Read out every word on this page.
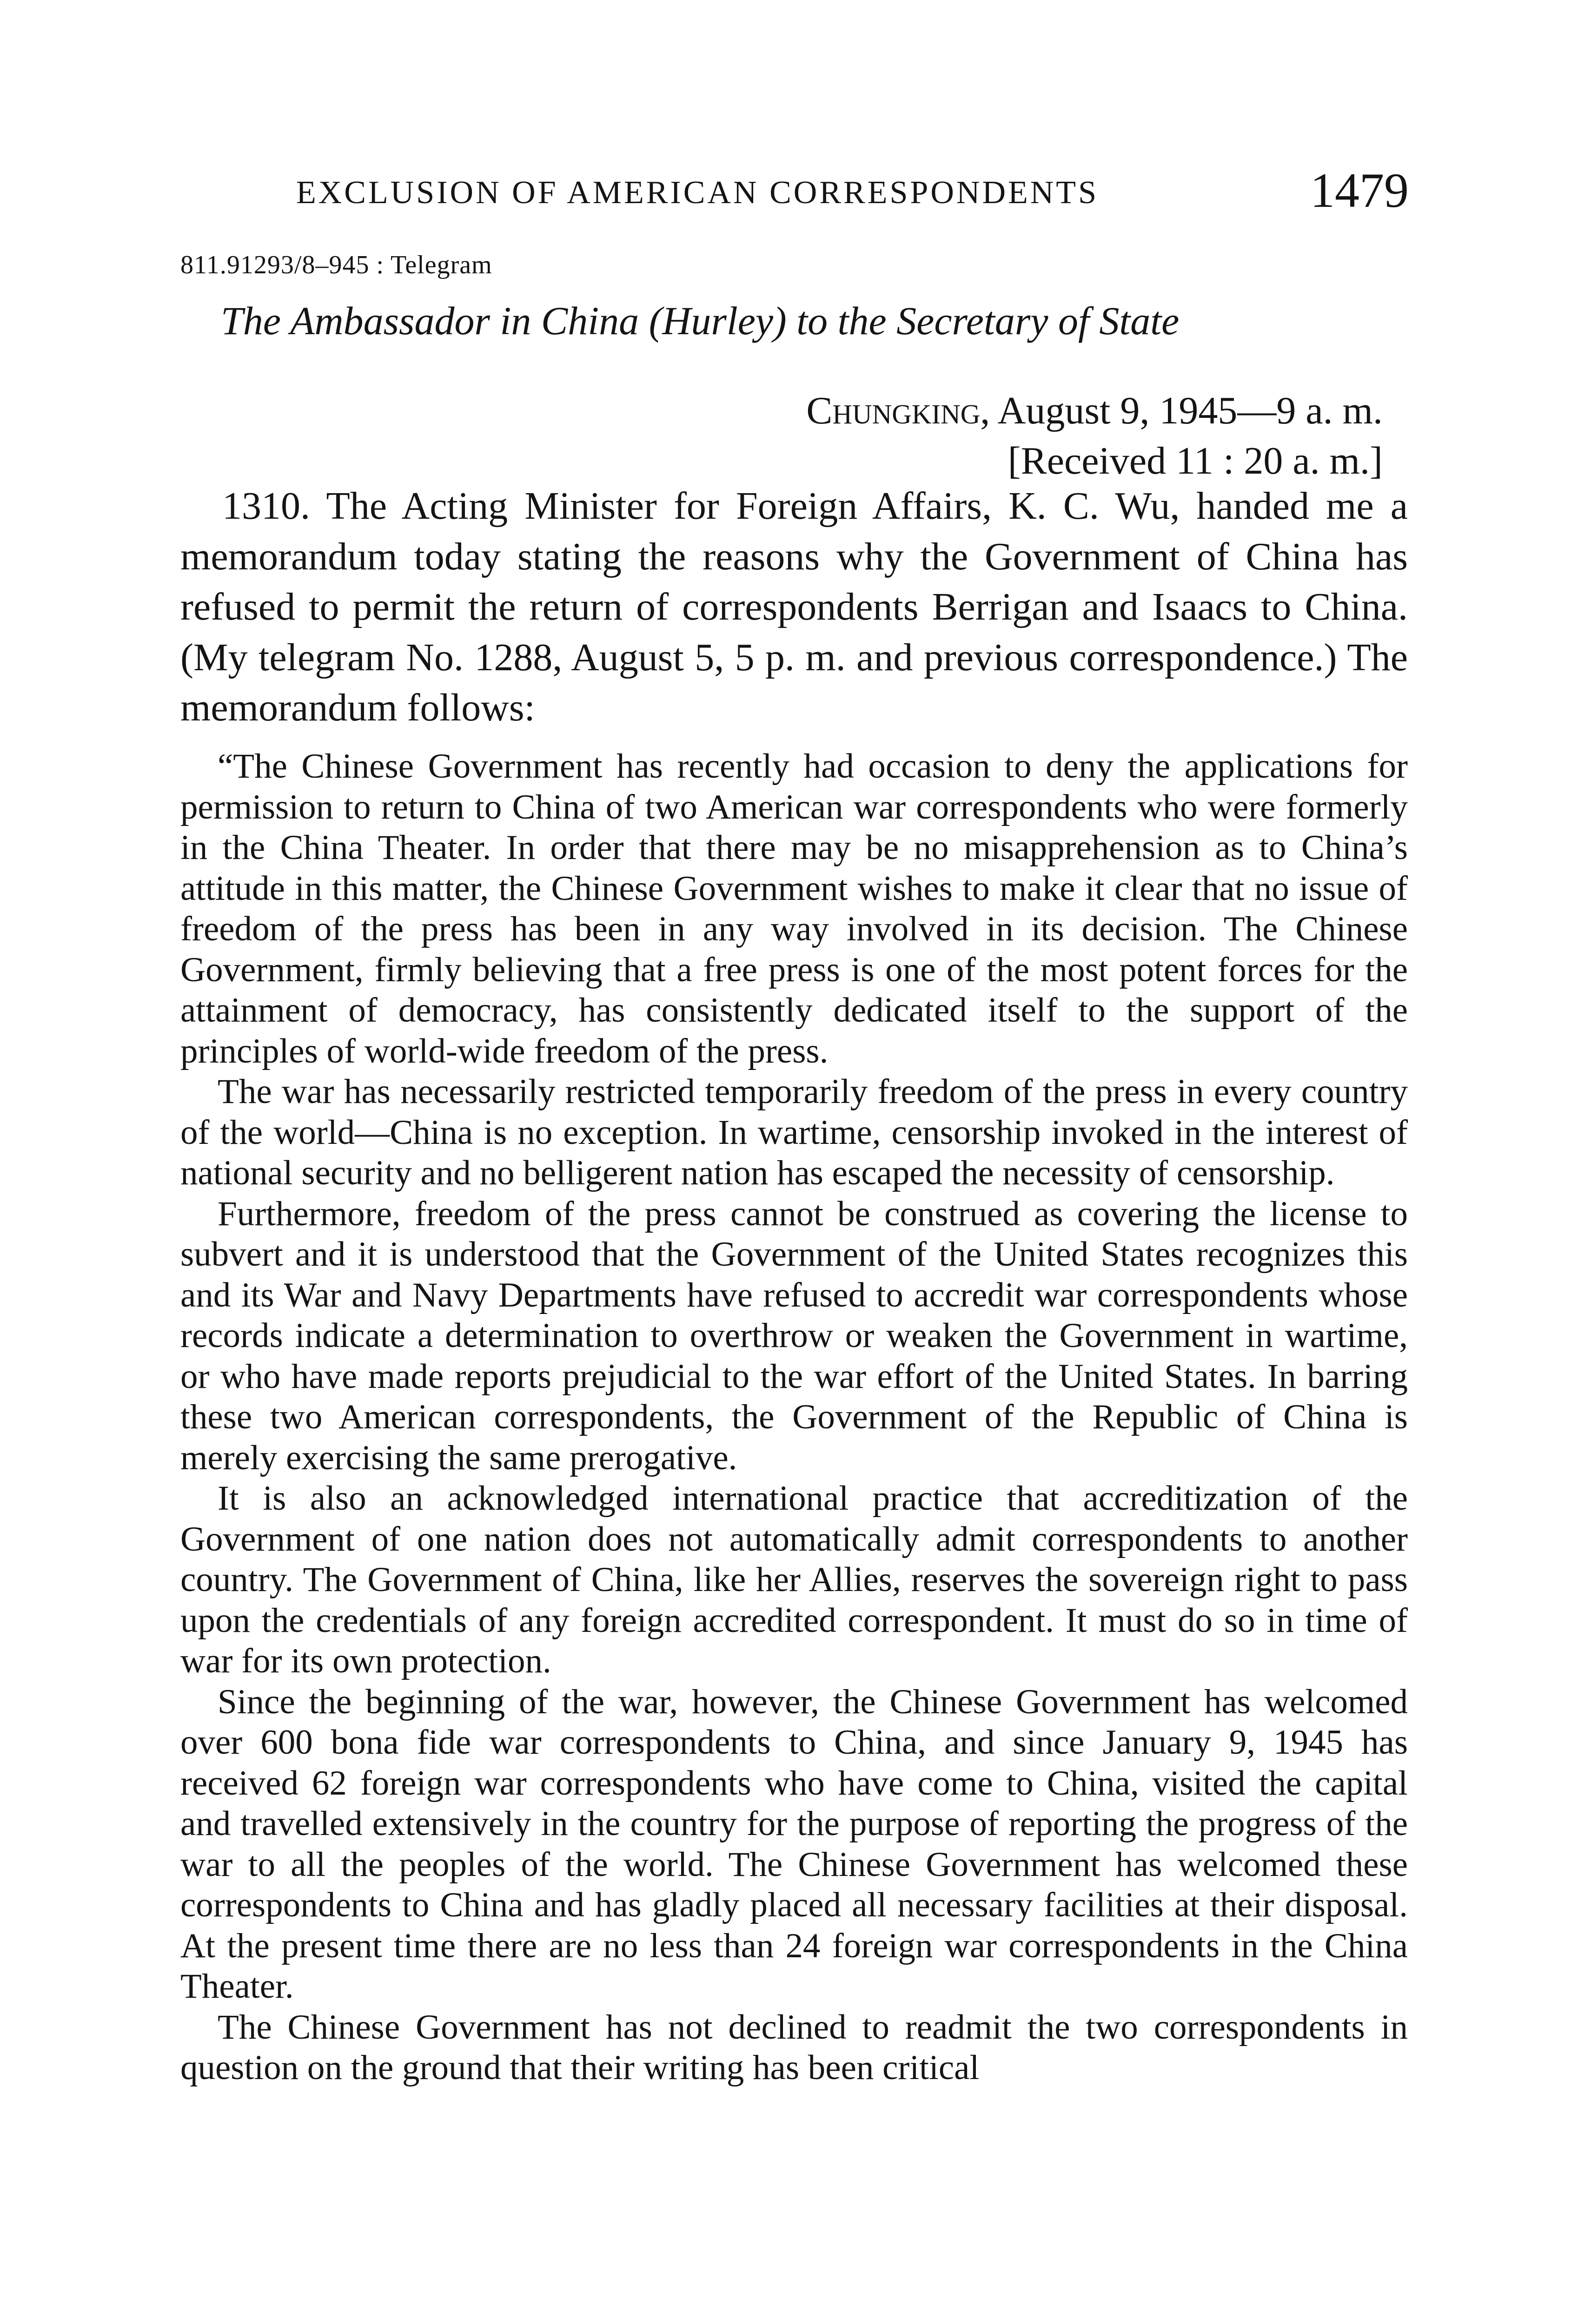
EXCLUSION OF AMERICAN CORRESPONDENTS	1479
811.91293/8–945 : Telegram
The Ambassador in China (Hurley) to the Secretary of State
Chungking, August 9, 1945—9 a. m.
[Received 11 : 20 a. m.]

1310. The Acting Minister for Foreign Affairs, K. C. Wu, handed me a memorandum today stating the reasons why the Government of China has refused to permit the return of correspondents Berrigan and Isaacs to China. (My telegram No. 1288, August 5, 5 p. m. and previous correspondence.) The memorandum follows:

“The Chinese Government has recently had occasion to deny the applications for permission to return to China of two American war correspondents who were formerly in the China Theater. In order that there may be no misapprehension as to China’s attitude in this matter, the Chinese Government wishes to make it clear that no issue of freedom of the press has been in any way involved in its decision. The Chinese Government, firmly believing that a free press is one of the most potent forces for the attainment of democracy, has consistently dedicated itself to the support of the principles of world-wide freedom of the press.

The war has necessarily restricted temporarily freedom of the press in every country of the world—China is no exception. In wartime, censorship invoked in the interest of national security and no belligerent nation has escaped the necessity of censorship.

Furthermore, freedom of the press cannot be construed as covering the license to subvert and it is understood that the Government of the United States recognizes this and its War and Navy Departments have refused to accredit war correspondents whose records indicate a determination to overthrow or weaken the Government in wartime, or who have made reports prejudicial to the war effort of the United States. In barring these two American correspondents, the Government of the Republic of China is merely exercising the same prerogative.

It is also an acknowledged international practice that accreditization of the Government of one nation does not automatically admit correspondents to another country. The Government of China, like her Allies, reserves the sovereign right to pass upon the credentials of any foreign accredited correspondent. It must do so in time of war for its own protection.

Since the beginning of the war, however, the Chinese Government has welcomed over 600 bona fide war correspondents to China, and since January 9, 1945 has received 62 foreign war correspondents who have come to China, visited the capital and travelled extensively in the country for the purpose of reporting the progress of the war to all the peoples of the world. The Chinese Government has welcomed these correspondents to China and has gladly placed all necessary facilities at their disposal. At the present time there are no less than 24 foreign war correspondents in the China Theater.

The Chinese Government has not declined to readmit the two correspondents in question on the ground that their writing has been critical
